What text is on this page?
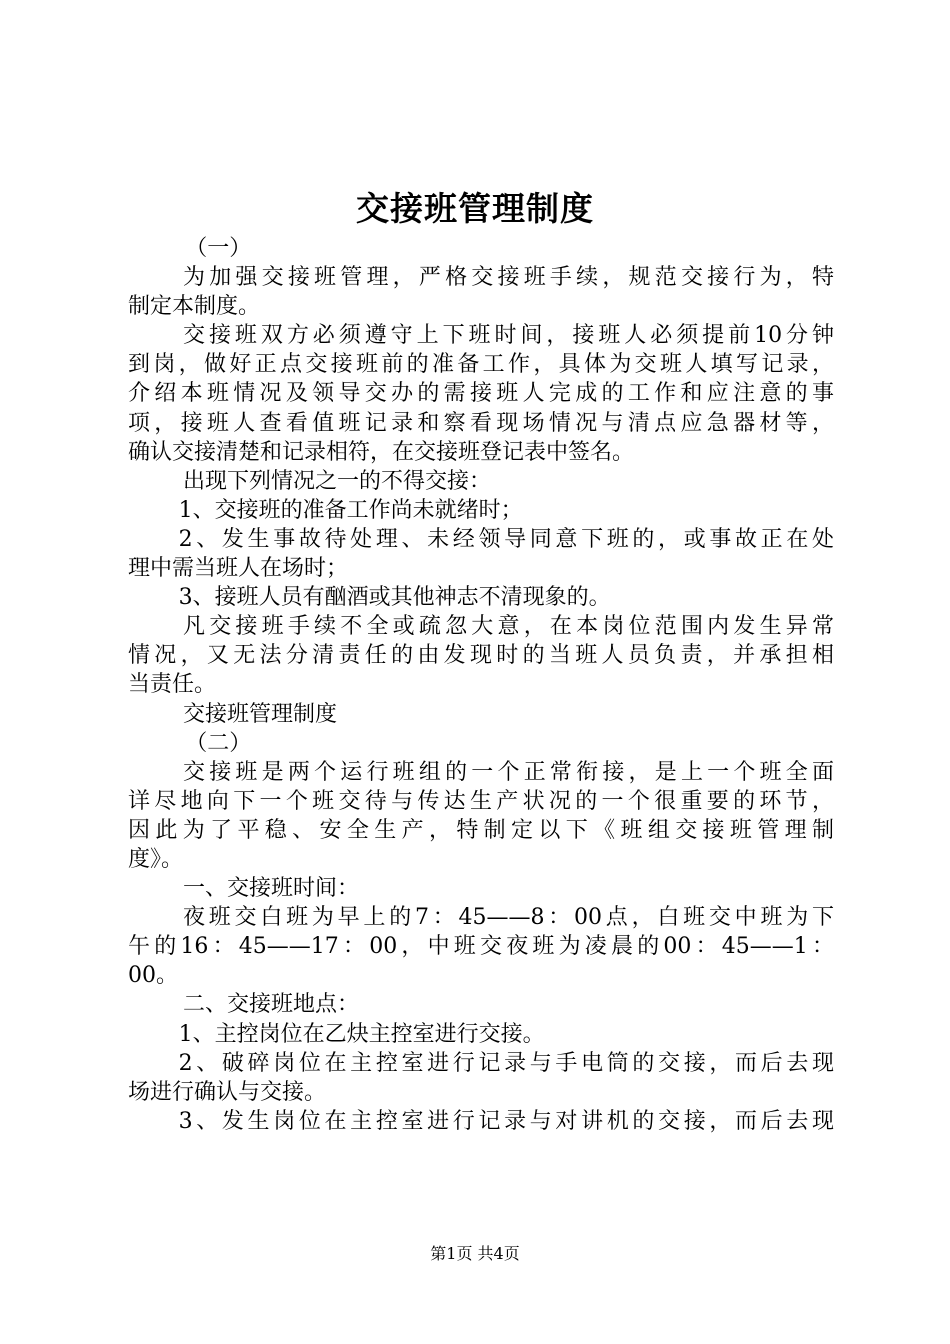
交接班管理制度
（一）
为加强交接班管理，严格交接班手续，规范交接行为，特
制定本制度。
交接班双方必须遵守上下班时间，接班人必须提前10分钟
到岗，做好正点交接班前的准备工作，具体为交班人填写记录，
介绍本班情况及领导交办的需接班人完成的工作和应注意的事
项，接班人查看值班记录和察看现场情况与清点应急器材等，
确认交接清楚和记录相符，在交接班登记表中签名。
出现下列情况之一的不得交接：
1、交接班的准备工作尚未就绪时；
2、发生事故待处理、未经领导同意下班的，或事故正在处
理中需当班人在场时；
3、接班人员有酗酒或其他神志不清现象的。
凡交接班手续不全或疏忽大意，在本岗位范围内发生异常
情况，又无法分清责任的由发现时的当班人员负责，并承担相
当责任。
交接班管理制度
（二）
交接班是两个运行班组的一个正常衔接，是上一个班全面
详尽地向下一个班交待与传达生产状况的一个很重要的环节，
因此为了平稳、安全生产，特制定以下《班组交接班管理制
度》。
一、交接班时间：
夜班交白班为早上的7：45——8：00点，白班交中班为下
午的16：45——17：00，中班交夜班为凌晨的00：45——1：
00。
二、交接班地点：
1、主控岗位在乙炔主控室进行交接。
2、破碎岗位在主控室进行记录与手电筒的交接，而后去现
场进行确认与交接。
3、发生岗位在主控室进行记录与对讲机的交接，而后去现
第1页 共4页
